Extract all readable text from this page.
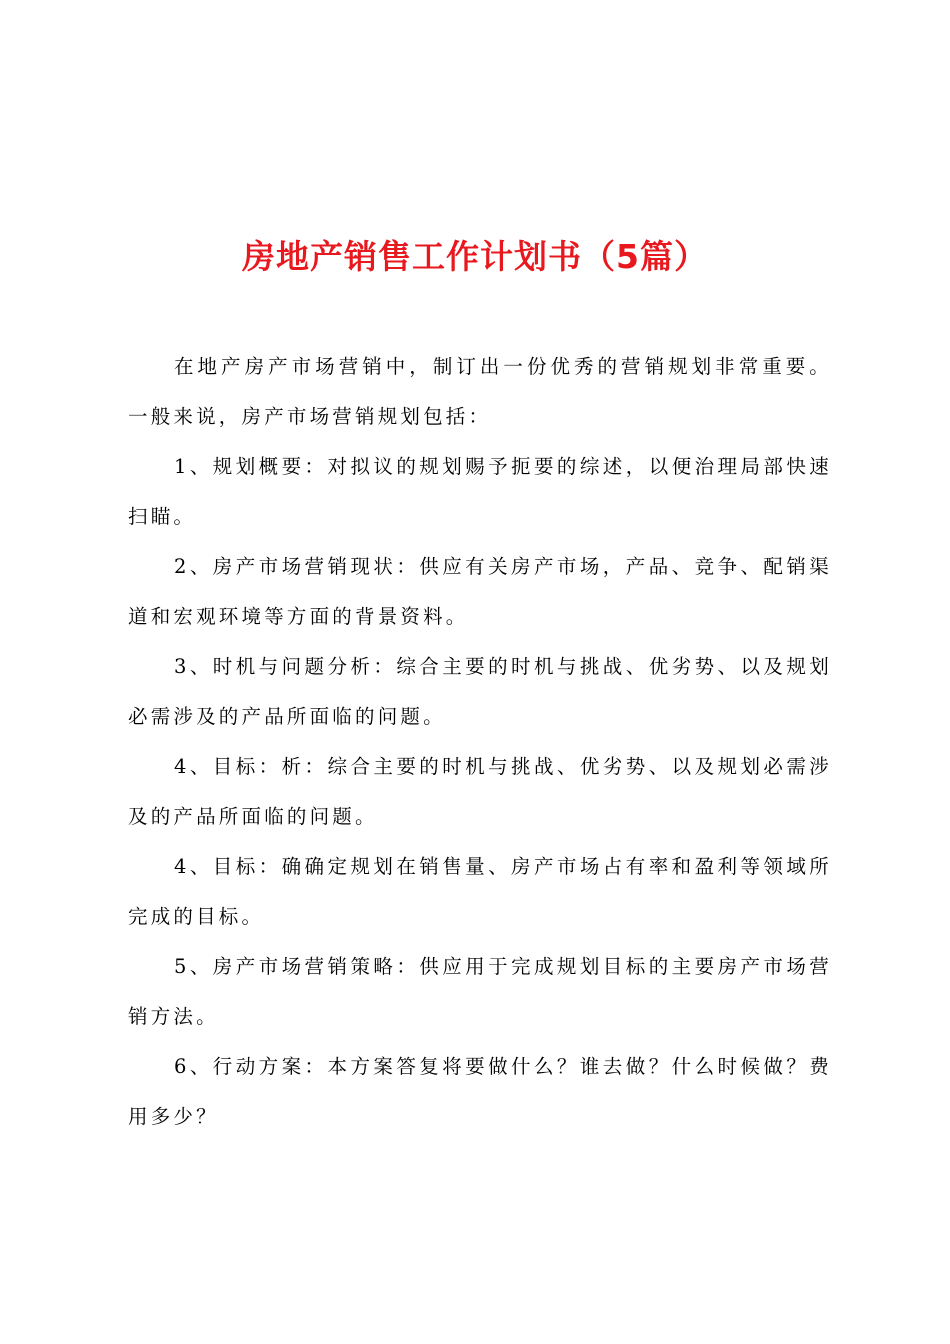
房地产销售工作计划书（5篇）

在地产房产市场营销中，制订出一份优秀的营销规划非常重要。一般来说，房产市场营销规划包括：

1、规划概要：对拟议的规划赐予扼要的综述，以便治理局部快速扫瞄。

2、房产市场营销现状：供应有关房产市场，产品、竞争、配销渠道和宏观环境等方面的背景资料。

3、时机与问题分析：综合主要的时机与挑战、优劣势、以及规划必需涉及的产品所面临的问题。

4、目标：析：综合主要的时机与挑战、优劣势、以及规划必需涉及的产品所面临的问题。

4、目标：确确定规划在销售量、房产市场占有率和盈利等领域所完成的目标。

5、房产市场营销策略：供应用于完成规划目标的主要房产市场营销方法。

6、行动方案：本方案答复将要做什么？谁去做？什么时候做？费用多少？
